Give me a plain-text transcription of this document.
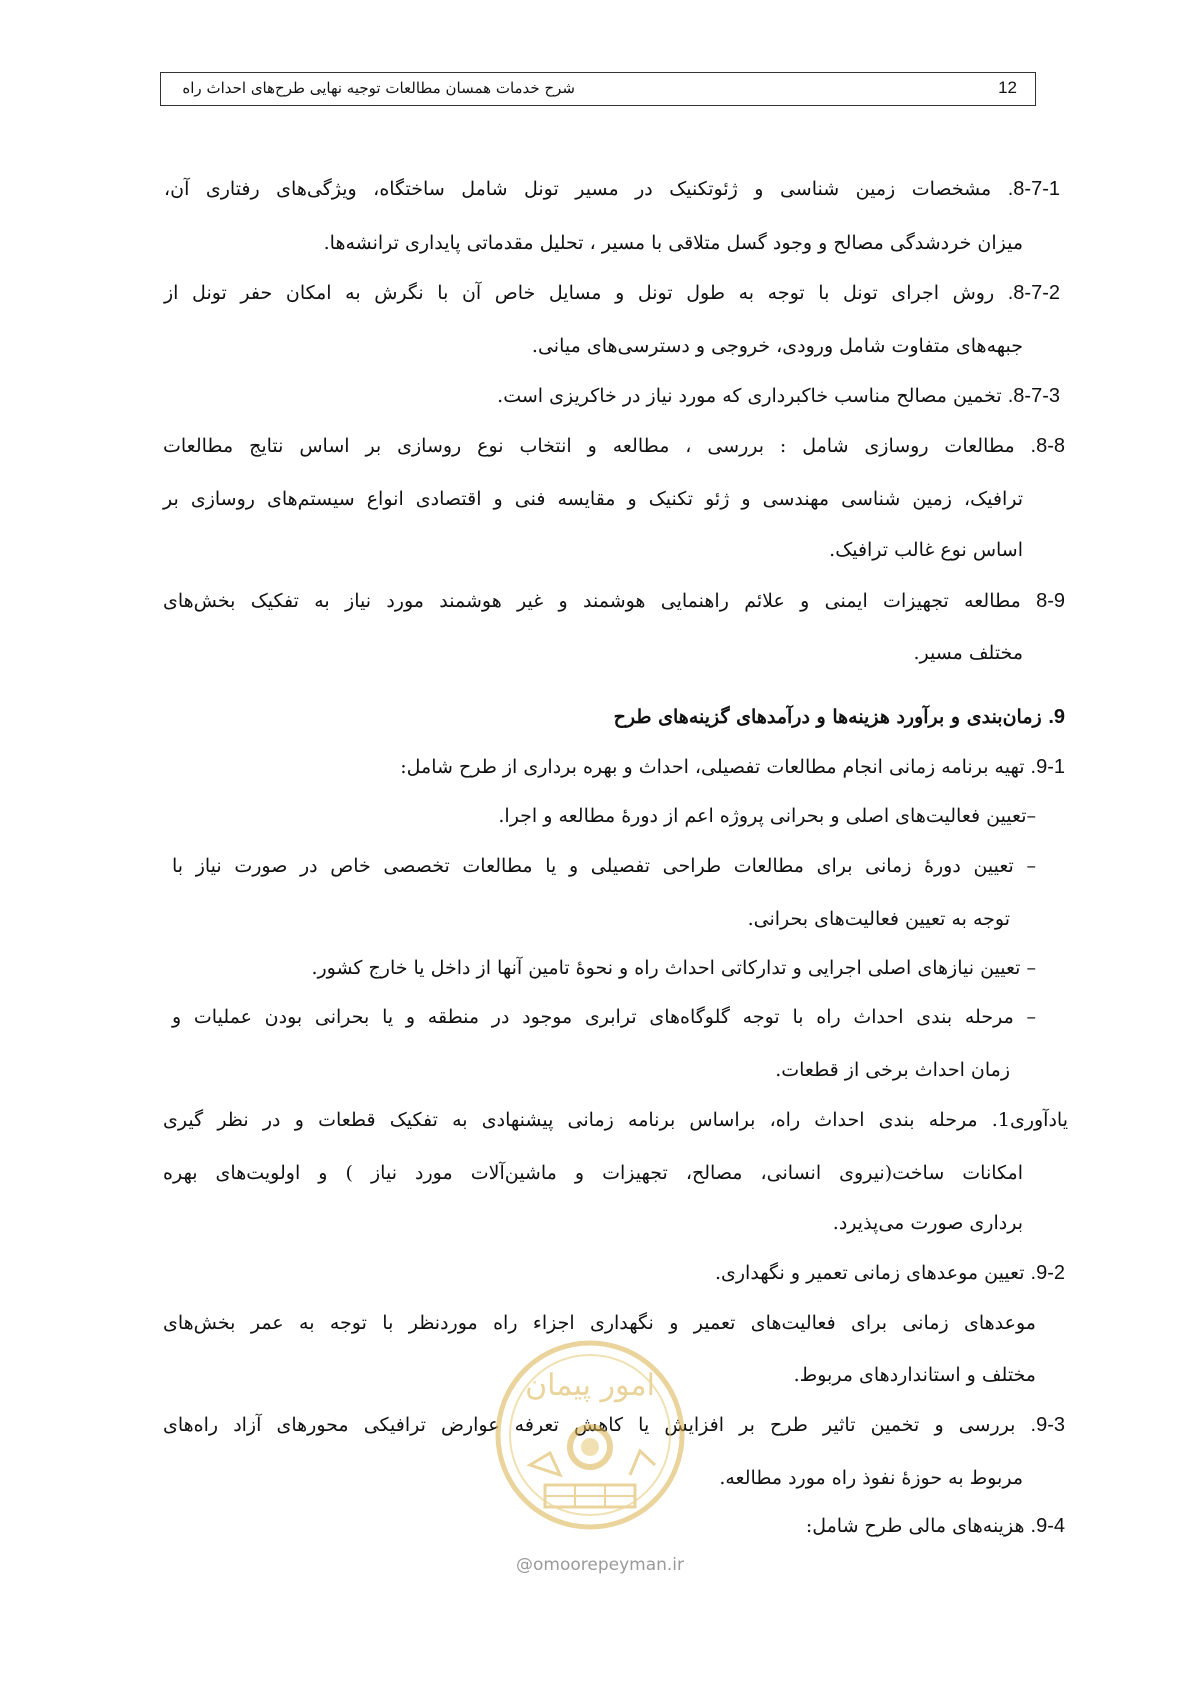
شرح خدمات همسان مطالعات توجیه نهایی طرح‌های احداث راه	12
8-7-1. مشخصات زمین شناسی و ژئوتکنیک در مسیر تونل شامل ساختگاه، ویژگی‌های رفتاری آن،
میزان خردشدگی مصالح و وجود گسل متلاقی با مسیر ، تحلیل مقدماتی پایداری ترانشه‌ها.
8-7-2. روش اجرای تونل با توجه به طول تونل و مسایل خاص آن با نگرش به امکان حفر تونل از
جبهه‌های متفاوت شامل ورودی، خروجی و دسترسی‌های میانی.
8-7-3. تخمین مصالح مناسب خاکبرداری که مورد نیاز در خاکریزی است.
8-8. مطالعات روسازی شامل : بررسی ، مطالعه و انتخاب نوع روسازی بر اساس نتایج مطالعات
ترافیک، زمین شناسی مهندسی و ژئو تکنیک و مقایسه فنی و اقتصادی انواع سیستم‌های روسازی بر
اساس نوع غالب ترافیک.
8-9 مطالعه تجهیزات ایمنی و علائم راهنمایی هوشمند و غیر هوشمند مورد نیاز به تفکیک بخش‌های
مختلف مسیر.
9. زمان‌بندی و برآورد هزینه‌ها و درآمدهای گزینه‌های طرح
9-1. تهیه برنامه زمانی انجام مطالعات تفصیلی، احداث و بهره برداری از طرح شامل:
–تعیین فعالیت‌های اصلی و بحرانی پروژه اعم از دورهٔ مطالعه و اجرا.
– تعیین دورهٔ زمانی برای مطالعات طراحی تفصیلی و یا مطالعات تخصصی خاص در صورت نیاز با
توجه به تعیین فعالیت‌های بحرانی.
– تعیین نیازهای اصلی اجرایی و تدارکاتی احداث راه و نحوهٔ تامین آنها از داخل یا خارج کشور.
– مرحله بندی احداث راه با توجه گلوگاه‌های ترابری موجود در منطقه و یا بحرانی بودن عملیات و
زمان احداث برخی از قطعات.
یادآوری1. مرحله بندی احداث راه، براساس برنامه زمانی پیشنهادی به تفکیک قطعات و در نظر گیری
امکانات ساخت(نیروی انسانی، مصالح، تجهیزات و ماشین‌آلات مورد نیاز ) و اولویت‌های بهره
برداری صورت می‌پذیرد.
9-2. تعیین موعدهای زمانی تعمیر و نگهداری.
موعدهای زمانی برای فعالیت‌های تعمیر و نگهداری اجزاء راه موردنظر با توجه به عمر بخش‌های
مختلف و استانداردهای مربوط.
9-3. بررسی و تخمین تاثیر طرح بر افزایش یا کاهش تعرفه عوارض ترافیکی محورهای آزاد راه‌های
مربوط به حوزهٔ نفوذ راه مورد مطالعه.
9-4. هزینه‌های مالی طرح شامل:
امور پیمان
@omoorepeyman.ir
